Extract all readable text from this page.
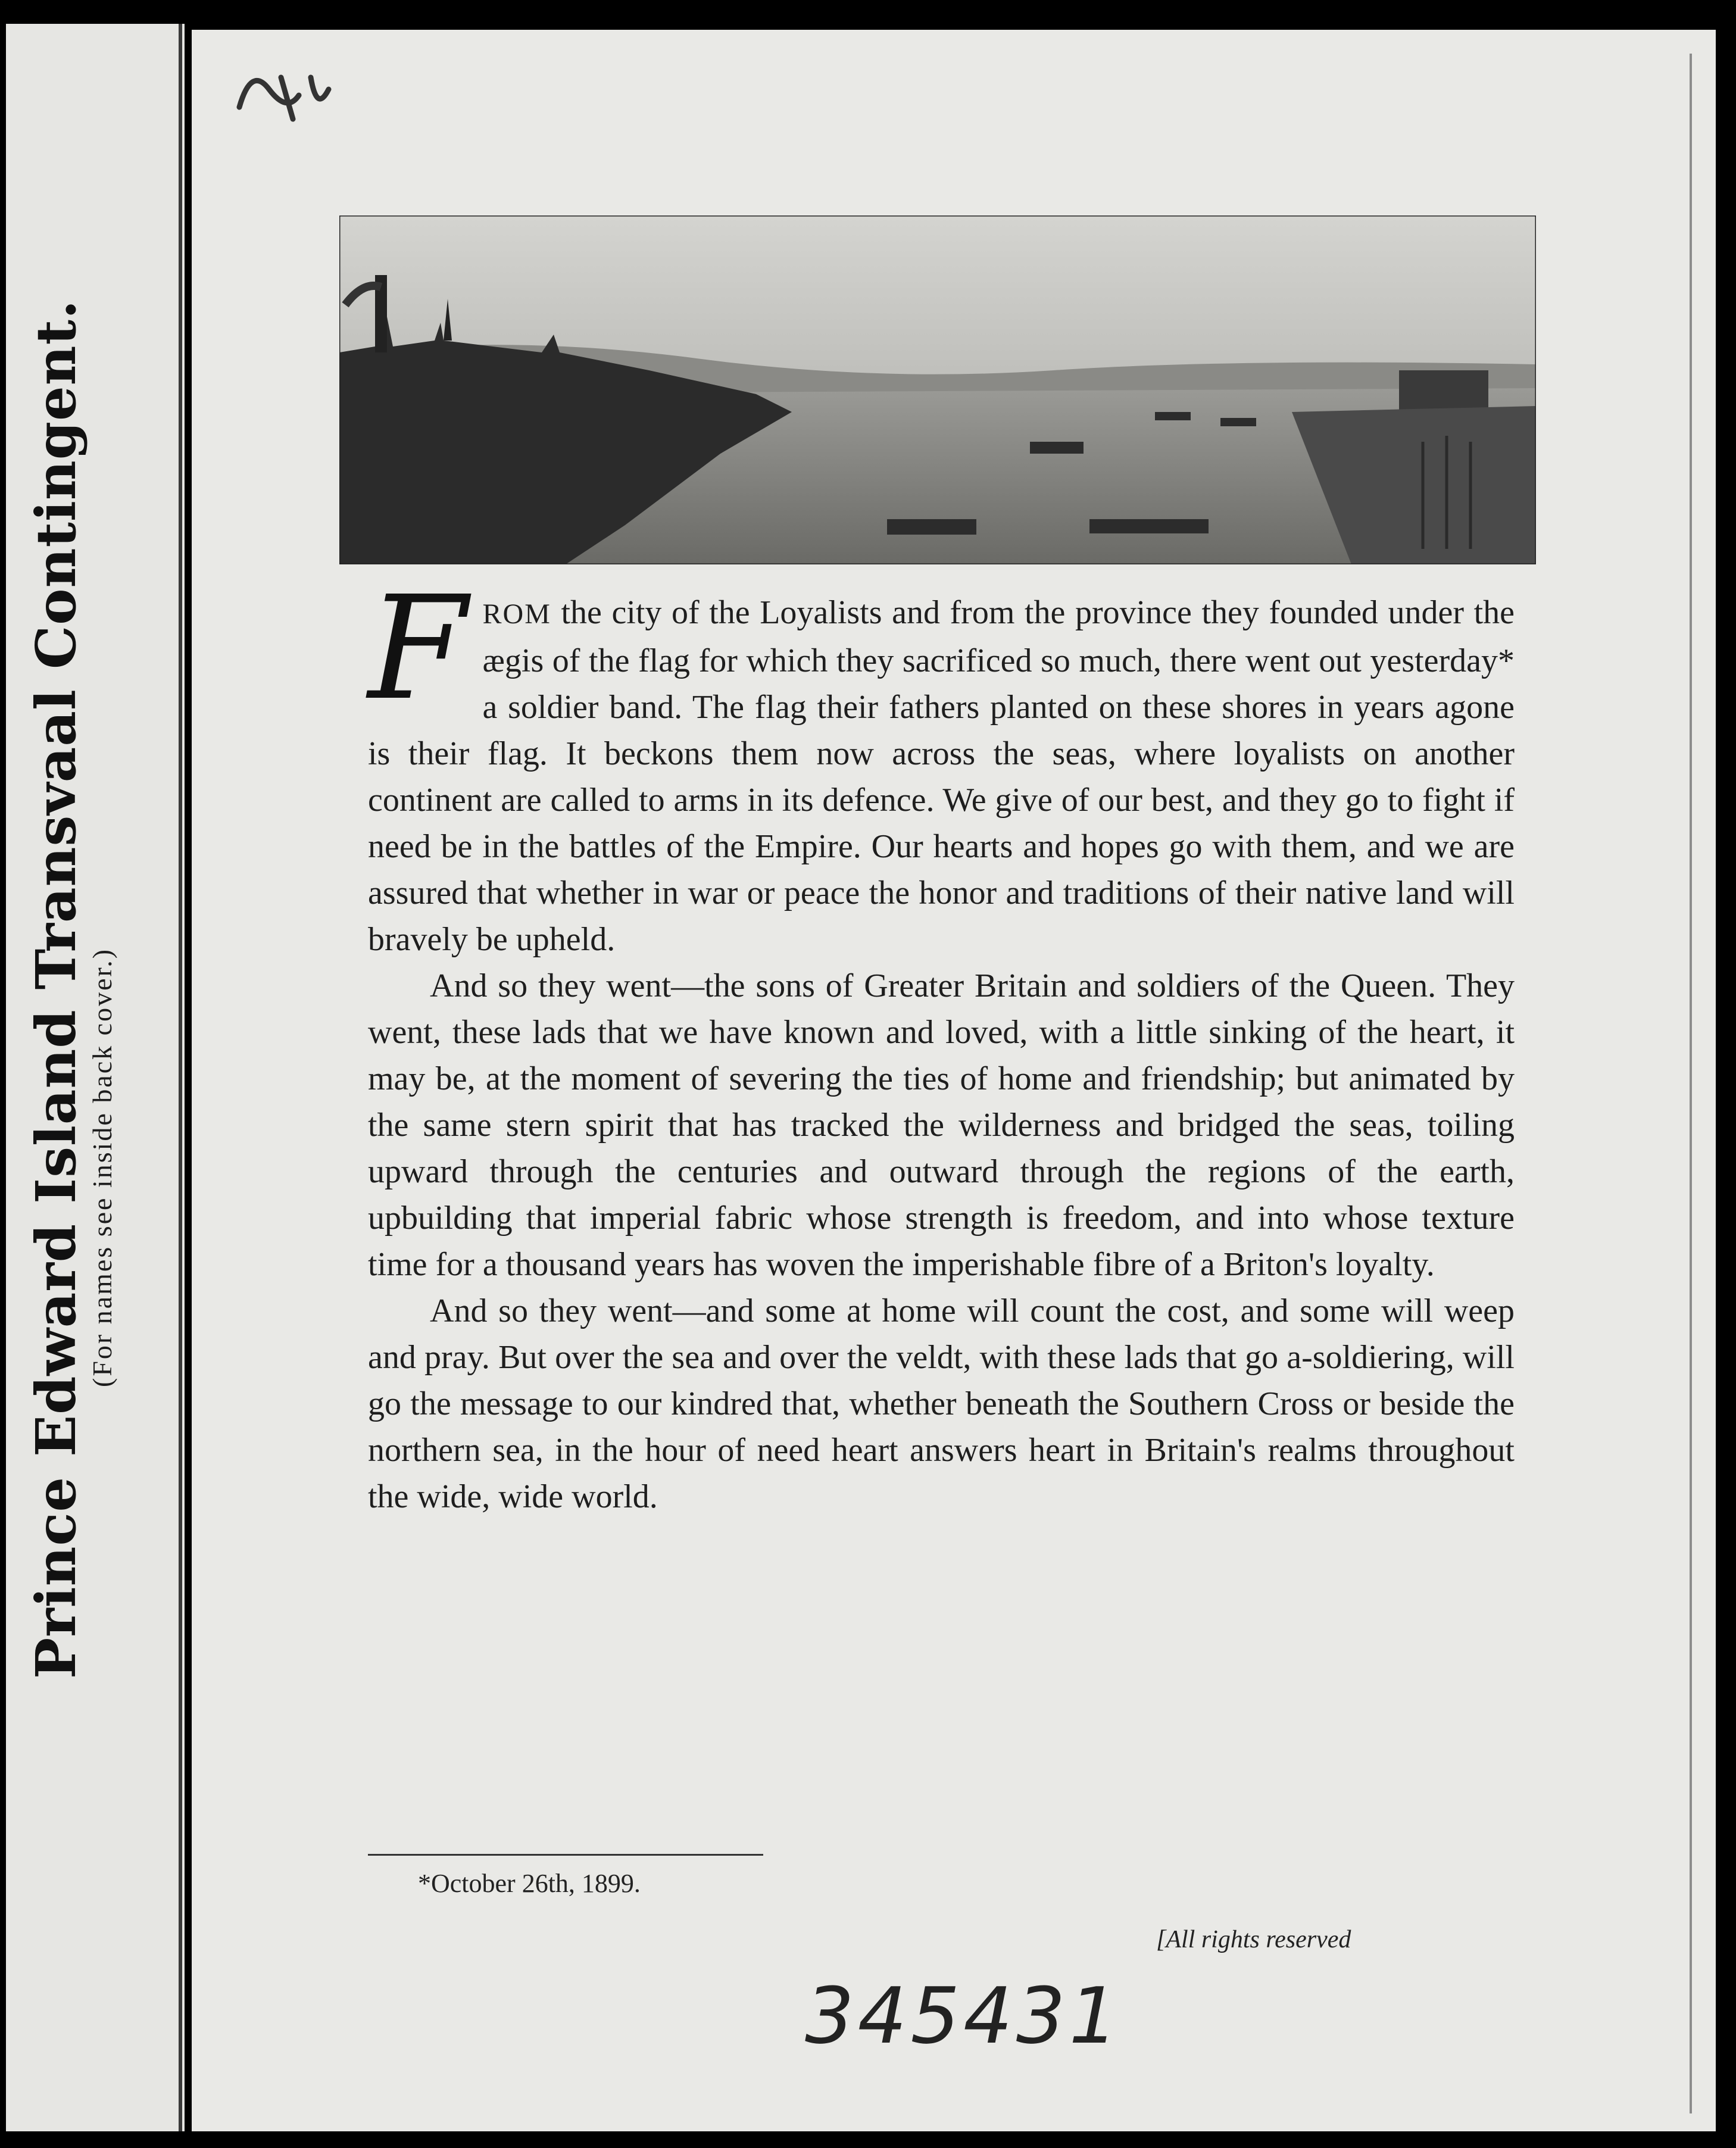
Prince Edward Island Transvaal Contingent.
(For names see inside back cover.)

FROM the city of the Loyalists and from the province they founded under the ægis of the flag for which they sacrificed so much, there went out yesterday* a soldier band. The flag their fathers planted on these shores in years agone is their flag. It beckons them now across the seas, where loyalists on another continent are called to arms in its defence. We give of our best, and they go to fight if need be in the battles of the Empire. Our hearts and hopes go with them, and we are assured that whether in war or peace the honor and traditions of their native land will bravely be upheld.

And so they went—the sons of Greater Britain and soldiers of the Queen. They went, these lads that we have known and loved, with a little sinking of the heart, it may be, at the moment of severing the ties of home and friendship; but animated by the same stern spirit that has tracked the wilderness and bridged the seas, toiling upward through the centuries and outward through the regions of the earth, upbuilding that imperial fabric whose strength is freedom, and into whose texture time for a thousand years has woven the imperishable fibre of a Briton's loyalty.

And so they went—and some at home will count the cost, and some will weep and pray. But over the sea and over the veldt, with these lads that go a-soldiering, will go the message to our kindred that, whether beneath the Southern Cross or beside the northern sea, in the hour of need heart answers heart in Britain's realms throughout the wide, wide world.

*October 26th, 1899.
[All rights reserved
345431
